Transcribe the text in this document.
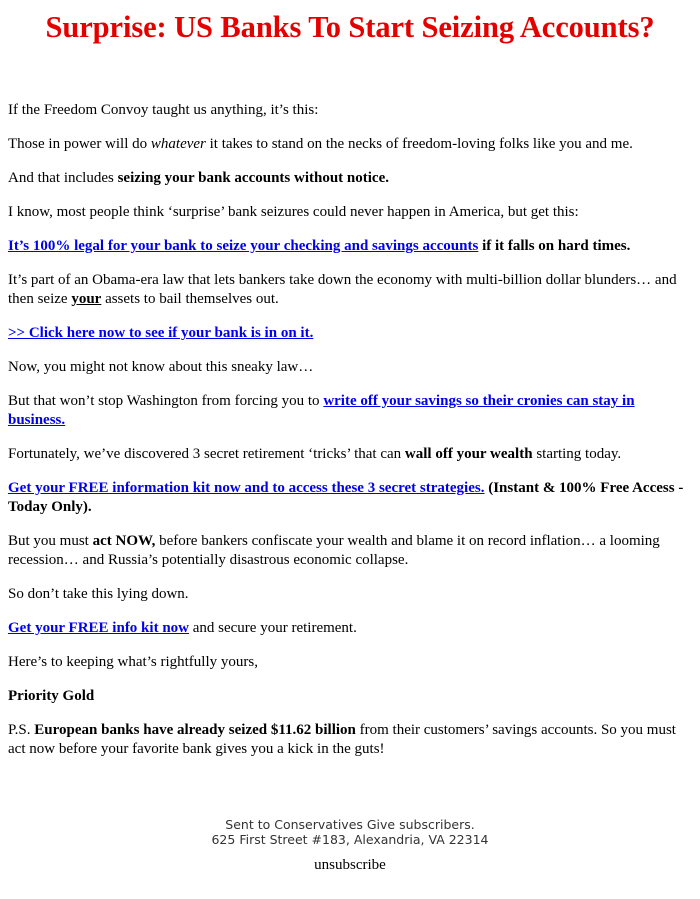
Surprise: US Banks To Start Seizing Accounts?

If the Freedom Convoy taught us anything, it’s this:

Those in power will do whatever it takes to stand on the necks of freedom-loving folks like you and me.

And that includes seizing your bank accounts without notice.

I know, most people think ‘surprise’ bank seizures could never happen in America, but get this:

It’s 100% legal for your bank to seize your checking and savings accounts if it falls on hard times.

It’s part of an Obama-era law that lets bankers take down the economy with multi-billion dollar blunders… and then seize your assets to bail themselves out.

>> Click here now to see if your bank is in on it.

Now, you might not know about this sneaky law…

But that won’t stop Washington from forcing you to write off your savings so their cronies can stay in business.

Fortunately, we’ve discovered 3 secret retirement ‘tricks’ that can wall off your wealth starting today.

Get your FREE information kit now and to access these 3 secret strategies. (Instant & 100% Free Access - Today Only).

But you must act NOW, before bankers confiscate your wealth and blame it on record inflation… a looming recession… and Russia’s potentially disastrous economic collapse.

So don’t take this lying down.

Get your FREE info kit now and secure your retirement.

Here’s to keeping what’s rightfully yours,

Priority Gold

P.S. European banks have already seized $11.62 billion from their customers’ savings accounts. So you must act now before your favorite bank gives you a kick in the guts!

Sent to Conservatives Give subscribers.
625 First Street #183, Alexandria, VA 22314
unsubscribe
